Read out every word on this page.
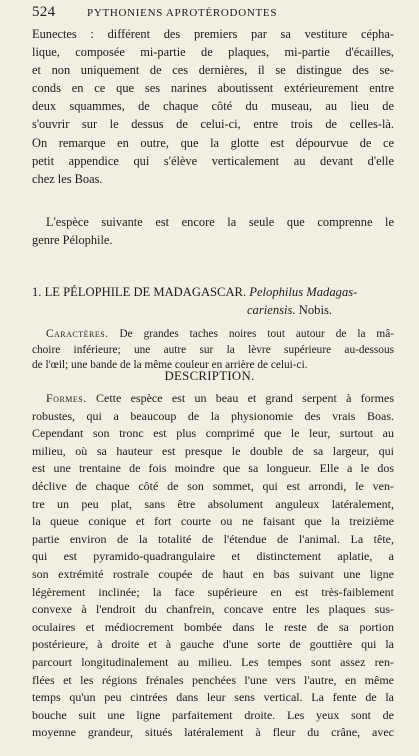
524	PYTHONIENS APROTÉRODONTES
Eunectes : différent des premiers par sa vestiture cépha-
lique, composée mi-partie de plaques, mi-partie d'écailles,
et non uniquement de ces dernières, il se distingue des se-
conds en ce que ses narines aboutissent extérieurement entre
deux squammes, de chaque côté du museau, au lieu de
s'ouvrir sur le dessus de celui-ci, entre trois de celles-là.
On remarque en outre, que la glotte est dépourvue de ce
petit appendice qui s'élève verticalement au devant d'elle
chez les Boas.
L'espèce suivante est encore la seule que comprenne le
genre Pélophile.
1. LE PÉLOPHILE DE MADAGASCAR. Pelophilus Madagas-
cariensis. Nobis.
Caractères. De grandes taches noires tout autour de la mâ-
choire inférieure; une autre sur la lèvre supérieure au-dessous
de l'œil; une bande de la même couleur en arrière de celui-ci.
DESCRIPTION.
Formes. Cette espèce est un beau et grand serpent à formes
robustes, qui a beaucoup de la physionomie des vrais Boas.
Cependant son tronc est plus comprimé que le leur, surtout au
milieu, où sa hauteur est presque le double de sa largeur, qui
est une trentaine de fois moindre que sa longueur. Elle a le dos
déclive de chaque côté de son sommet, qui est arrondi, le ven-
tre un peu plat, sans être absolument anguleux latéralement,
la queue conique et fort courte ou ne faisant que la treizième
partie environ de la totalité de l'étendue de l'animal. La tête,
qui est pyramido-quadrangulaire et distinctement aplatie, a
son extrémité rostrale coupée de haut en bas suivant une ligne
légèrement inclinée; la face supérieure en est très-faiblement
convexe à l'endroit du chanfrein, concave entre les plaques sus-
oculaires et médiocrement bombée dans le reste de sa portion
postérieure, à droite et à gauche d'une sorte de gouttière qui la
parcourt longitudinalement au milieu. Les tempes sont assez ren-
flées et les régions frénales penchées l'une vers l'autre, en même
temps qu'un peu cintrées dans leur sens vertical. La fente de la
bouche suit une ligne parfaitement droite. Les yeux sont de
moyenne grandeur, situés latéralement à fleur du crâne, avec
